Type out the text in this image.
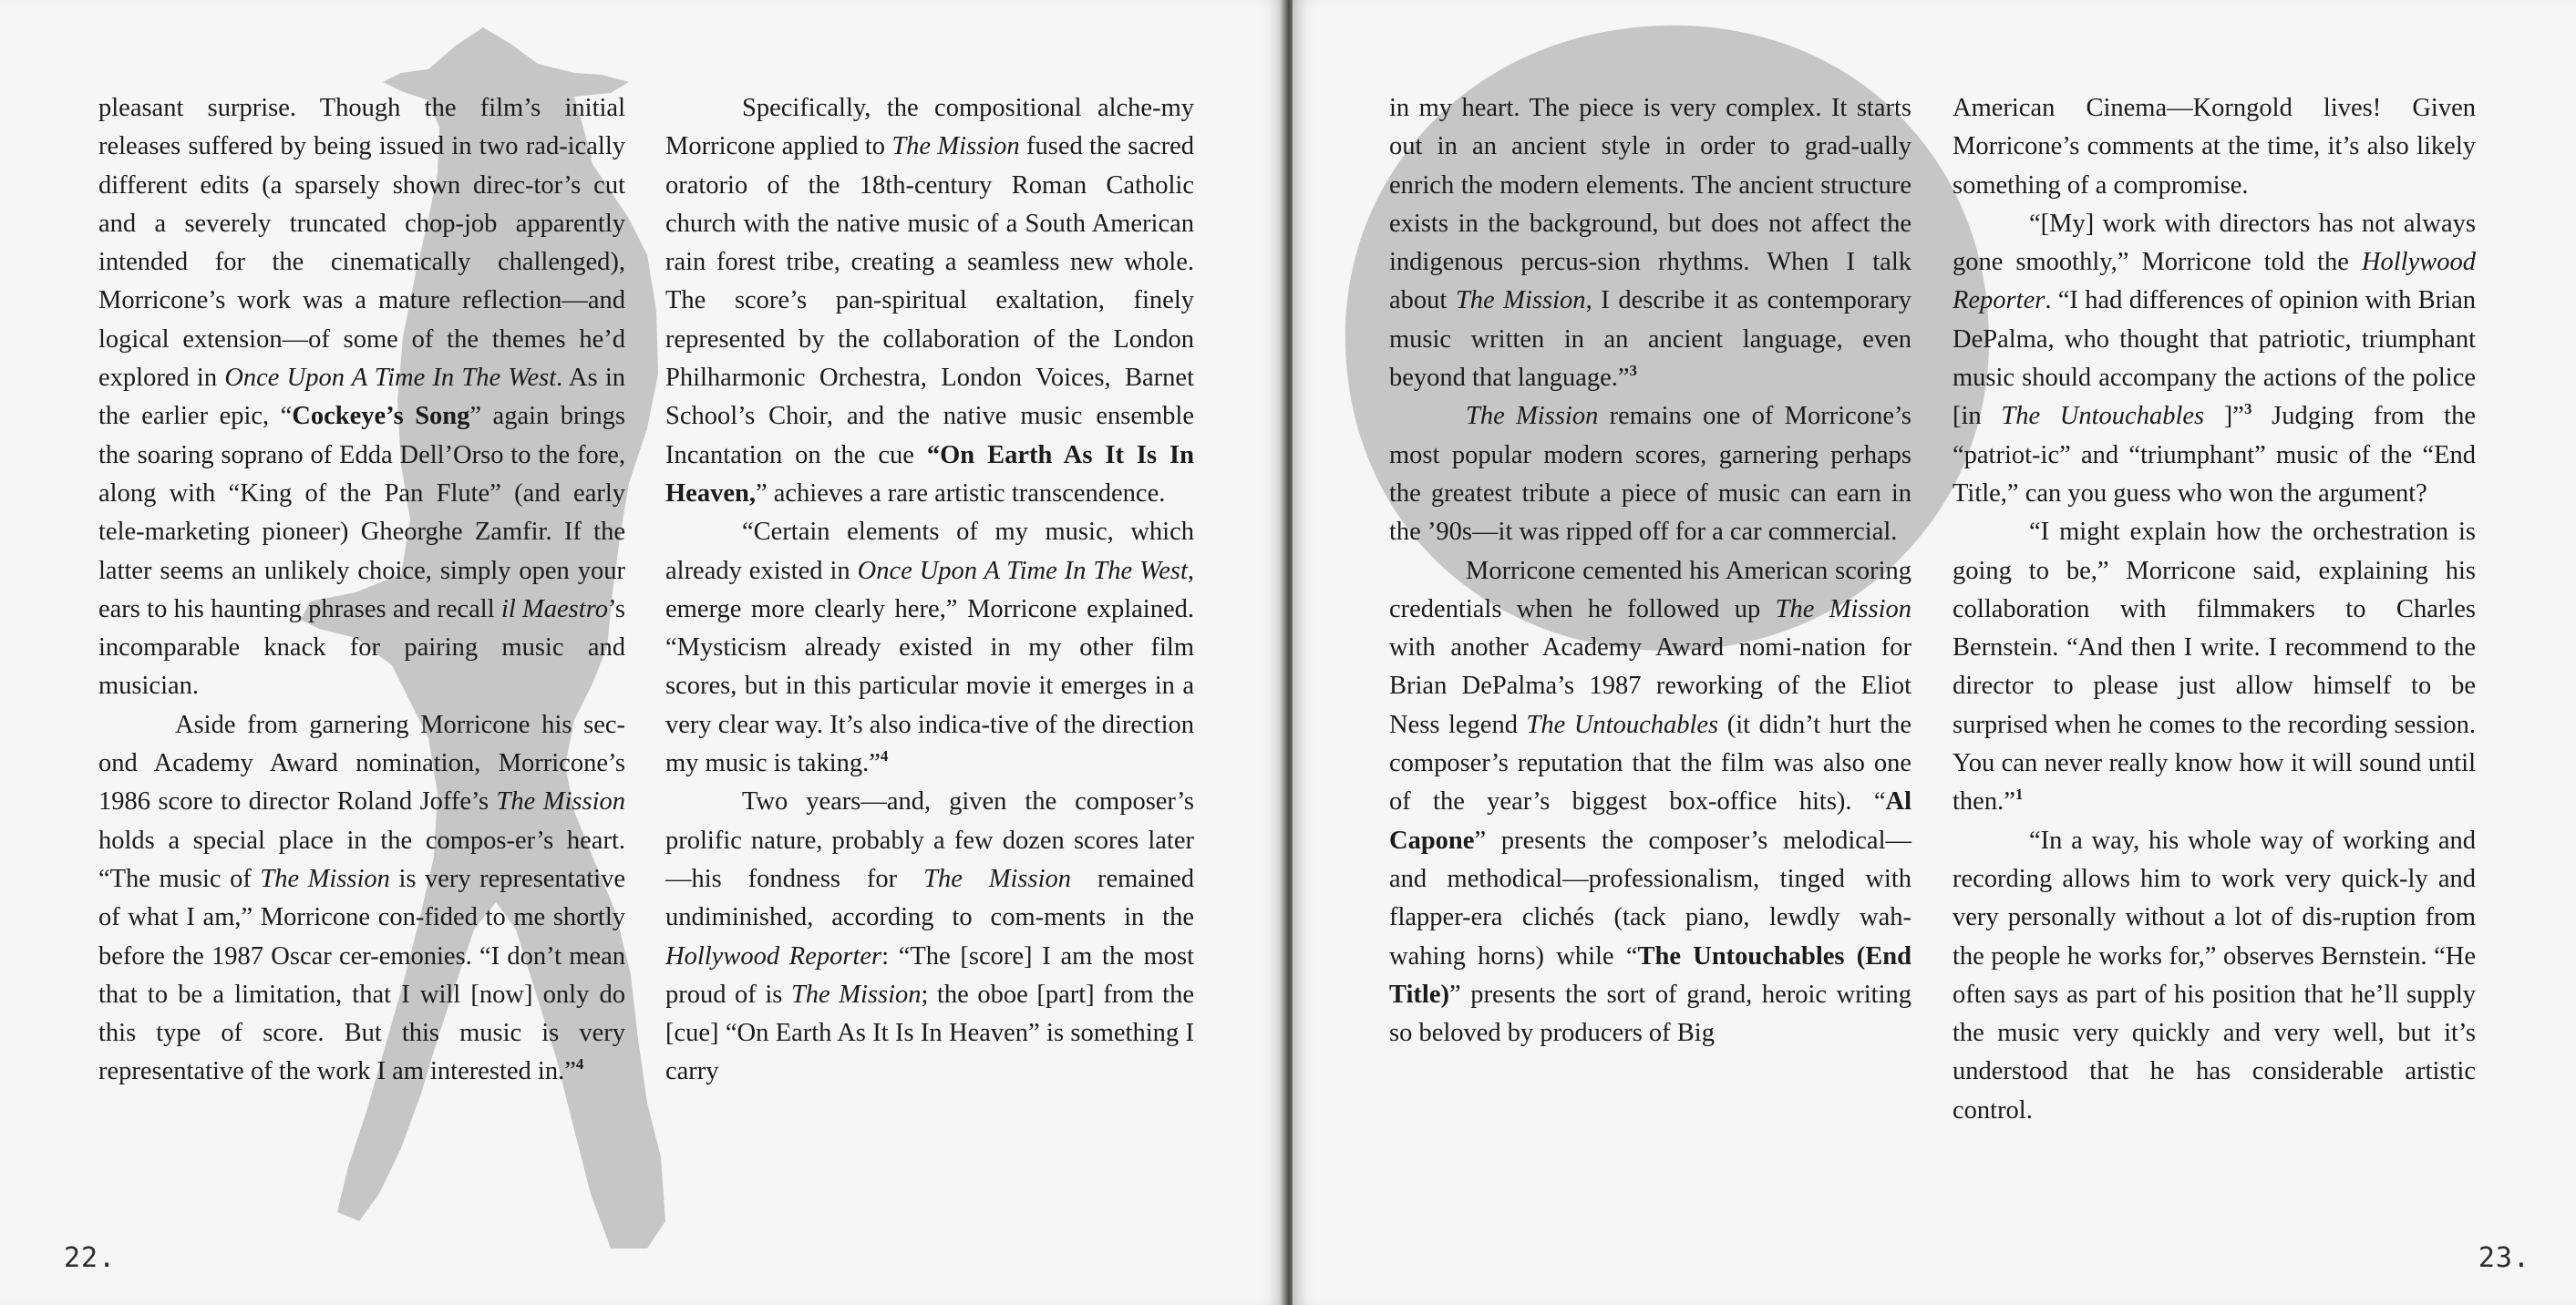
pleasant surprise. Though the film’s initial releases suffered by being issued in two rad-ically different edits (a sparsely shown direc-tor’s cut and a severely truncated chop-job apparently intended for the cinematically challenged), Morricone’s work was a mature reflection—and logical extension—of some of the themes he’d explored in Once Upon A Time In The West. As in the earlier epic, “Cockeye’s Song” again brings the soaring soprano of Edda Dell’Orso to the fore, along with “King of the Pan Flute” (and early tele-marketing pioneer) Gheorghe Zamfir. If the latter seems an unlikely choice, simply open your ears to his haunting phrases and recall il Maestro’s incomparable knack for pairing music and musician.

Aside from garnering Morricone his sec-ond Academy Award nomination, Morricone’s 1986 score to director Roland Joffe’s The Mission holds a special place in the compos-er’s heart. “The music of The Mission is very representative of what I am,” Morricone con-fided to me shortly before the 1987 Oscar cer-emonies. “I don’t mean that to be a limitation, that I will [now] only do this type of score. But this music is very representative of the work I am interested in.”$^4$

Specifically, the compositional alche-my Morricone applied to The Mission fused the sacred oratorio of the 18th-century Roman Catholic church with the native music of a South American rain forest tribe, creating a seamless new whole. The score’s pan-spiritual exaltation, finely represented by the collaboration of the London Philharmonic Orchestra, London Voices, Barnet School’s Choir, and the native music ensemble Incantation on the cue “On Earth As It Is In Heaven,” achieves a rare artistic transcendence.

“Certain elements of my music, which already existed in Once Upon A Time In The West, emerge more clearly here,” Morricone explained. “Mysticism already existed in my other film scores, but in this particular movie it emerges in a very clear way. It’s also indica-tive of the direction my music is taking.”$^4$

Two years—and, given the composer’s prolific nature, probably a few dozen scores later—his fondness for The Mission remained undiminished, according to com-ments in the Hollywood Reporter: “The [score] I am the most proud of is The Mission; the oboe [part] from the [cue] “On Earth As It Is In Heaven” is something I carry

22.

in my heart. The piece is very complex. It starts out in an ancient style in order to grad-ually enrich the modern elements. The ancient structure exists in the background, but does not affect the indigenous percus-sion rhythms. When I talk about The Mission, I describe it as contemporary music written in an ancient language, even beyond that language.”$^3$

The Mission remains one of Morricone’s most popular modern scores, garnering perhaps the greatest tribute a piece of music can earn in the ’90s—it was ripped off for a car commercial.

Morricone cemented his American scoring credentials when he followed up The Mission with another Academy Award nomi-nation for Brian DePalma’s 1987 reworking of the Eliot Ness legend The Untouchables (it didn’t hurt the composer’s reputation that the film was also one of the year’s biggest box-office hits). “Al Capone” presents the composer’s melodical—and methodical—professionalism, tinged with flapper-era clichés (tack piano, lewdly wah-wahing horns) while “The Untouchables (End Title)” presents the sort of grand, heroic writing so beloved by producers of Big

American Cinema—Korngold lives! Given Morricone’s comments at the time, it’s also likely something of a compromise.

“[My] work with directors has not always gone smoothly,” Morricone told the Hollywood Reporter. “I had differences of opinion with Brian DePalma, who thought that patriotic, triumphant music should accompany the actions of the police [in The Untouchables ]”$^3$ Judging from the “patriot-ic” and “triumphant” music of the “End Title,” can you guess who won the argument?

“I might explain how the orchestration is going to be,” Morricone said, explaining his collaboration with filmmakers to Charles Bernstein. “And then I write. I recommend to the director to please just allow himself to be surprised when he comes to the recording session. You can never really know how it will sound until then.”$^1$

“In a way, his whole way of working and recording allows him to work very quick-ly and very personally without a lot of dis-ruption from the people he works for,” observes Bernstein. “He often says as part of his position that he’ll supply the music very quickly and very well, but it’s understood that he has considerable artistic control.

23.
